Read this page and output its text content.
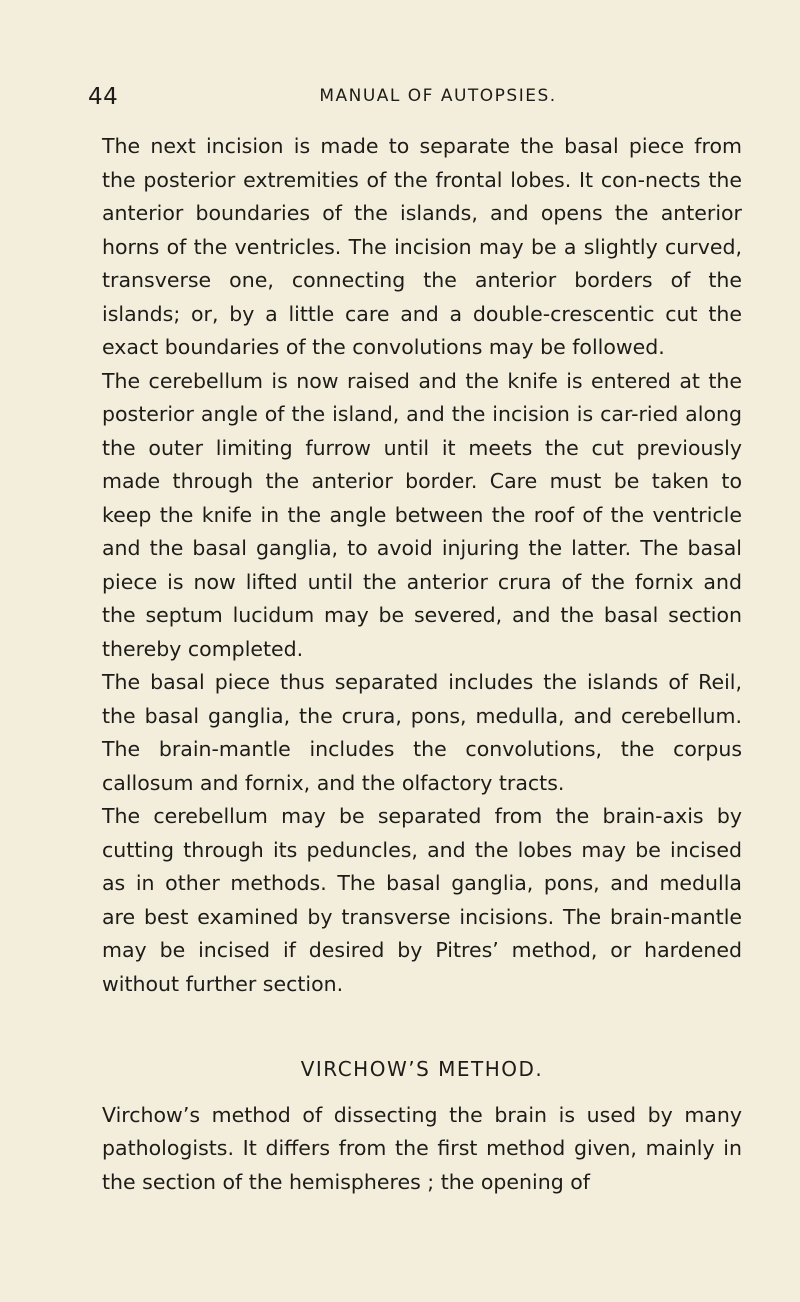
44	MANUAL OF AUTOPSIES.

The next incision is made to separate the basal piece from the posterior extremities of the frontal lobes. It con-nects the anterior boundaries of the islands, and opens the anterior horns of the ventricles. The incision may be a slightly curved, transverse one, connecting the anterior borders of the islands; or, by a little care and a double-crescentic cut the exact boundaries of the convolutions may be followed.

The cerebellum is now raised and the knife is entered at the posterior angle of the island, and the incision is car-ried along the outer limiting furrow until it meets the cut previously made through the anterior border. Care must be taken to keep the knife in the angle between the roof of the ventricle and the basal ganglia, to avoid injuring the latter. The basal piece is now lifted until the anterior crura of the fornix and the septum lucidum may be severed, and the basal section thereby completed.

The basal piece thus separated includes the islands of Reil, the basal ganglia, the crura, pons, medulla, and cerebellum. The brain-mantle includes the convolutions, the corpus callosum and fornix, and the olfactory tracts.

The cerebellum may be separated from the brain-axis by cutting through its peduncles, and the lobes may be incised as in other methods. The basal ganglia, pons, and medulla are best examined by transverse incisions. The brain-mantle may be incised if desired by Pitres’ method, or hardened without further section.

VIRCHOW’S METHOD.

Virchow’s method of dissecting the brain is used by many pathologists. It differs from the first method given, mainly in the section of the hemispheres ; the opening of
